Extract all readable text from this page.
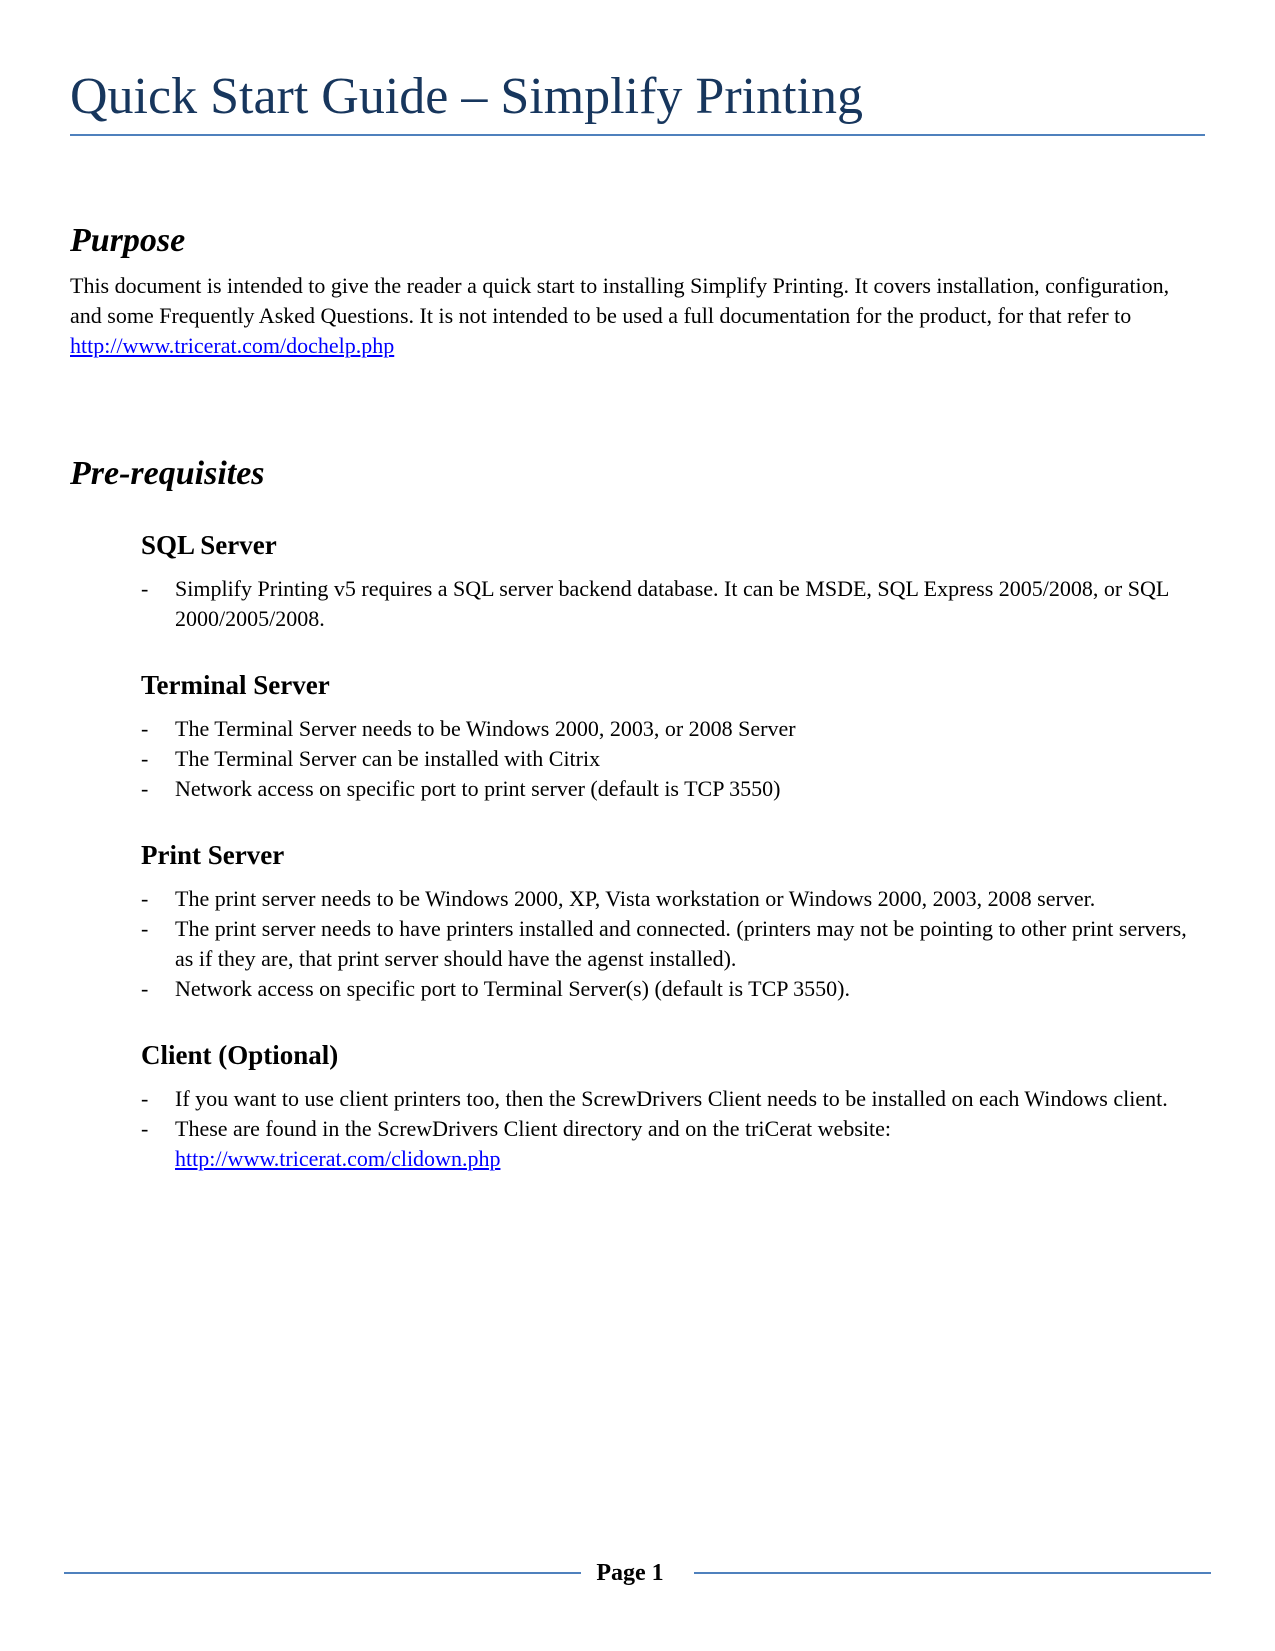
Quick Start Guide – Simplify Printing
Purpose

This document is intended to give the reader a quick start to installing Simplify Printing. It covers installation, configuration, and some Frequently Asked Questions. It is not intended to be used a full documentation for the product, for that refer to http://www.tricerat.com/dochelp.php

Pre-requisites
SQL Server
-	Simplify Printing v5 requires a SQL server backend database. It can be MSDE, SQL Express 2005/2008, or SQL 2000/2005/2008.
Terminal Server
-	The Terminal Server needs to be Windows 2000, 2003, or 2008 Server
-	The Terminal Server can be installed with Citrix
-	Network access on specific port to print server (default is TCP 3550)
Print Server
-	The print server needs to be Windows 2000, XP, Vista workstation or Windows 2000, 2003, 2008 server.
-	The print server needs to have printers installed and connected. (printers may not be pointing to other print servers, as if they are, that print server should have the agenst installed).
-	Network access on specific port to Terminal Server(s) (default is TCP 3550).
Client (Optional)
-	If you want to use client printers too, then the ScrewDrivers Client needs to be installed on each Windows client.
-	These are found in the ScrewDrivers Client directory and on the triCerat website:
http://www.tricerat.com/clidown.php
Page 1
